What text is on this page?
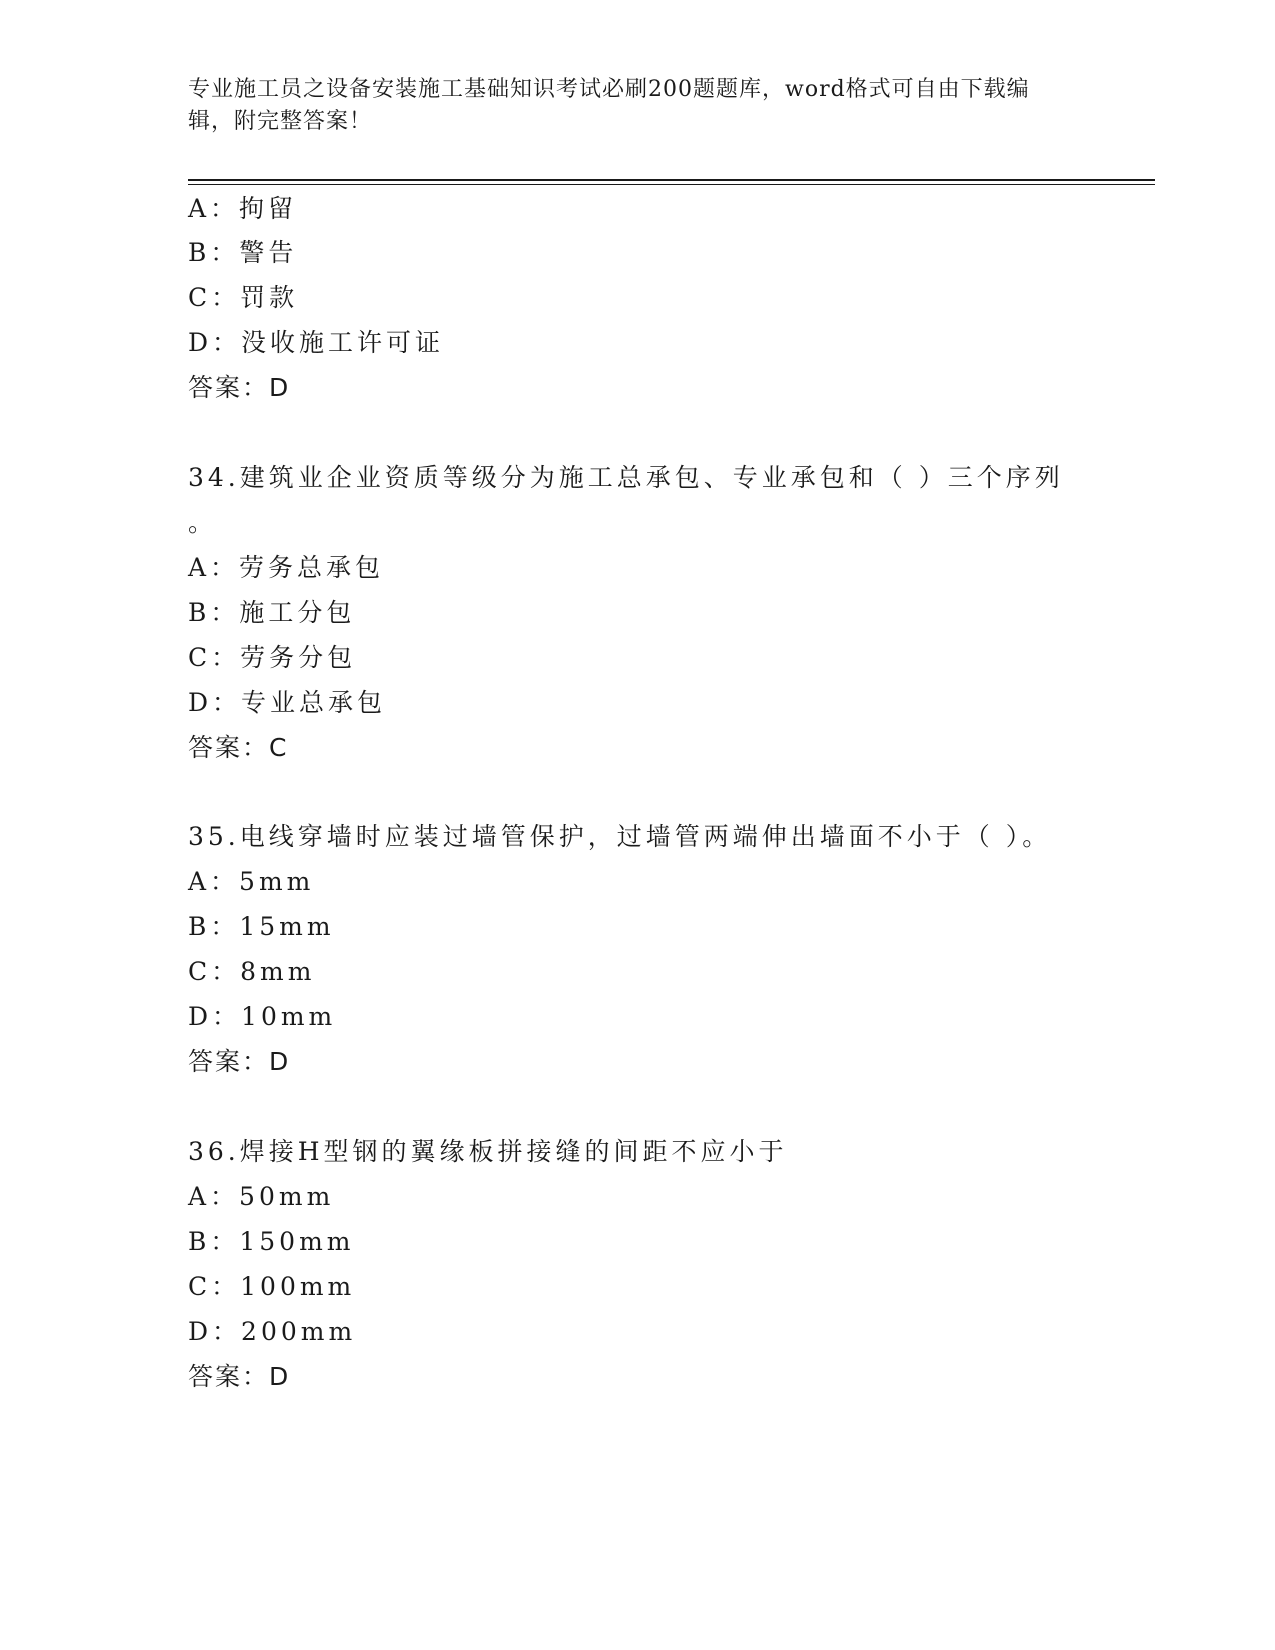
专业施工员之设备安装施工基础知识考试必刷200题题库，word格式可自由下载编辑，附完整答案！
A：拘留
B：警告
C：罚款
D：没收施工许可证
答案：D
34.建筑业企业资质等级分为施工总承包、专业承包和（ ）三个序列
。
A：劳务总承包
B：施工分包
C：劳务分包
D：专业总承包
答案：C
35.电线穿墙时应装过墙管保护，过墙管两端伸出墙面不小于（ ）。
A：5mm
B：15mm
C：8mm
D：10mm
答案：D
36.焊接H型钢的翼缘板拼接缝的间距不应小于
A：50mm
B：150mm
C：100mm
D：200mm
答案：D
